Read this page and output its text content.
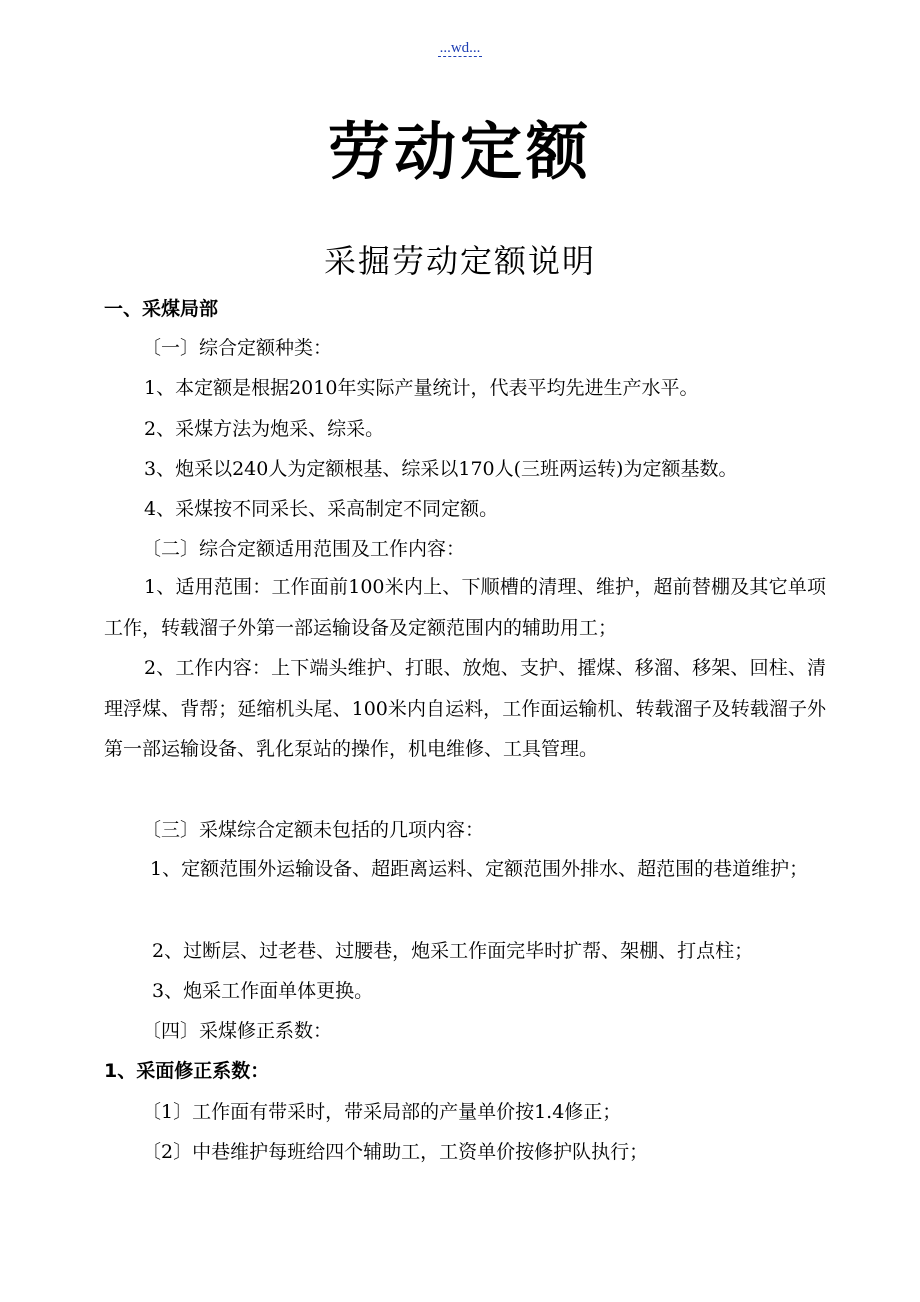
...wd...
劳动定额
采掘劳动定额说明
一、采煤局部
〔一〕综合定额种类：
1、本定额是根据2010年实际产量统计，代表平均先进生产水平。
2、采煤方法为炮采、综采。
3、炮采以240人为定额根基、综采以170人(三班两运转)为定额基数。
4、采煤按不同采长、采高制定不同定额。
〔二〕综合定额适用范围及工作内容：
1、适用范围：工作面前100米内上、下顺槽的清理、维护，超前替棚及其它单项工作，转载溜子外第一部运输设备及定额范围内的辅助用工；
2、工作内容：上下端头维护、打眼、放炮、支护、攉煤、移溜、移架、回柱、清理浮煤、背帮；延缩机头尾、100米内自运料，工作面运输机、转载溜子及转载溜子外第一部运输设备、乳化泵站的操作，机电维修、工具管理。
〔三〕采煤综合定额未包括的几项内容：
1、定额范围外运输设备、超距离运料、定额范围外排水、超范围的巷道维护；
2、过断层、过老巷、过腰巷，炮采工作面完毕时扩帮、架棚、打点柱；
3、炮采工作面单体更换。
〔四〕采煤修正系数：
1、采面修正系数：
〔1〕工作面有带采时，带采局部的产量单价按1.4修正；
〔2〕中巷维护每班给四个辅助工，工资单价按修护队执行；
